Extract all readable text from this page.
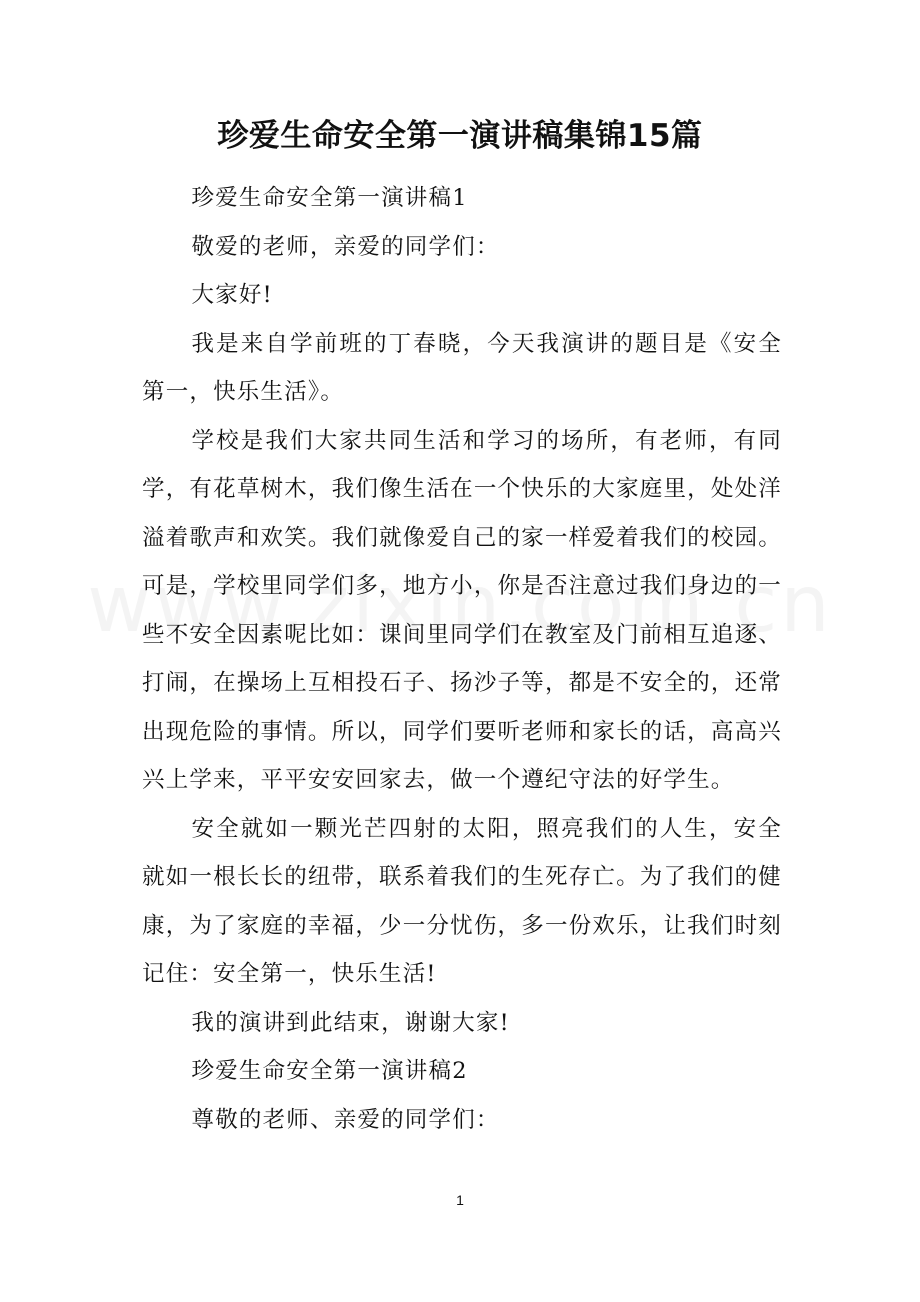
珍爱生命安全第一演讲稿集锦15篇

珍爱生命安全第一演讲稿1

敬爱的老师，亲爱的同学们：

大家好!

我是来自学前班的丁春晓，今天我演讲的题目是《安全第一，快乐生活》。

学校是我们大家共同生活和学习的场所，有老师，有同学，有花草树木，我们像生活在一个快乐的大家庭里，处处洋溢着歌声和欢笑。我们就像爱自己的家一样爱着我们的校园。可是，学校里同学们多，地方小，你是否注意过我们身边的一些不安全因素呢比如：课间里同学们在教室及门前相互追逐、打闹，在操场上互相投石子、扬沙子等，都是不安全的，还常出现危险的事情。所以，同学们要听老师和家长的话，高高兴兴上学来，平平安安回家去，做一个遵纪守法的好学生。

安全就如一颗光芒四射的太阳，照亮我们的人生，安全就如一根长长的纽带，联系着我们的生死存亡。为了我们的健康，为了家庭的幸福，少一分忧伤，多一份欢乐，让我们时刻记住：安全第一，快乐生活!

我的演讲到此结束，谢谢大家!

珍爱生命安全第一演讲稿2

尊敬的老师、亲爱的同学们：

1
